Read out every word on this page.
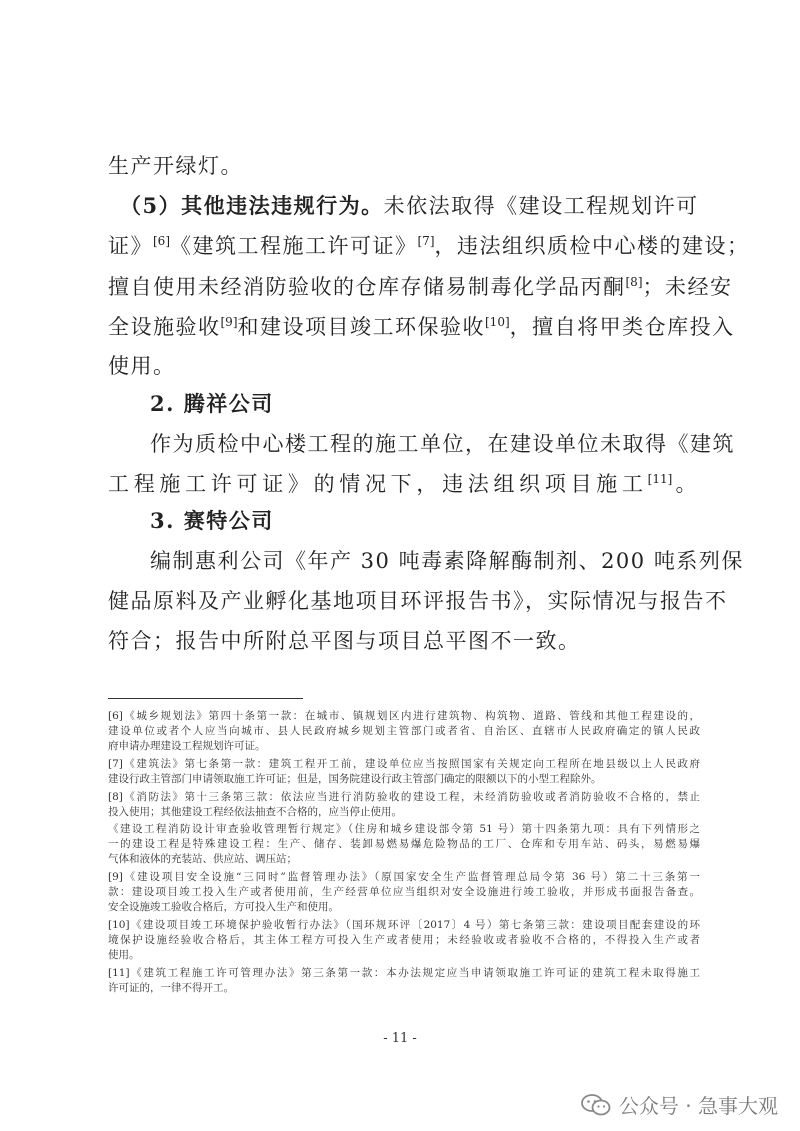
生产开绿灯。
　（5）其他违法违规行为。未依法取得《建设工程规划许可
证》[6]《建筑工程施工许可证》[7]，违法组织质检中心楼的建设；
擅自使用未经消防验收的仓库存储易制毒化学品丙酮[8]；未经安
全设施验收[9]和建设项目竣工环保验收[10]，擅自将甲类仓库投入
使用。
2. 腾祥公司
作为质检中心楼工程的施工单位，在建设单位未取得《建筑
工程施工许可证》的情况下，违法组织项目施工[11]。
3. 赛特公司
编制惠利公司《年产 30 吨毒素降解酶制剂、200 吨系列保
健品原料及产业孵化基地项目环评报告书》，实际情况与报告不
符合；报告中所附总平图与项目总平图不一致。
[6]《城乡规划法》第四十条第一款：在城市、镇规划区内进行建筑物、构筑物、道路、管线和其他工程建设的，
建设单位或者个人应当向城市、县人民政府城乡规划主管部门或者省、自治区、直辖市人民政府确定的镇人民政
府申请办理建设工程规划许可证。
[7]《建筑法》第七条第一款：建筑工程开工前，建设单位应当按照国家有关规定向工程所在地县级以上人民政府
建设行政主管部门申请领取施工许可证；但是，国务院建设行政主管部门确定的限额以下的小型工程除外。
[8]《消防法》第十三条第三款：依法应当进行消防验收的建设工程，未经消防验收或者消防验收不合格的，禁止
投入使用；其他建设工程经依法抽查不合格的，应当停止使用。
《建设工程消防设计审查验收管理暂行规定》（住房和城乡建设部令第 51 号）第十四条第九项：具有下列情形之
一的建设工程是特殊建设工程：生产、储存、装卸易燃易爆危险物品的工厂、仓库和专用车站、码头，易燃易爆
气体和液体的充装站、供应站、调压站；
[9]《建设项目安全设施“三同时”监督管理办法》（原国家安全生产监督管理总局令第 36 号）第二十三条第一
款：建设项目竣工投入生产或者使用前，生产经营单位应当组织对安全设施进行竣工验收，并形成书面报告备查。
安全设施竣工验收合格后，方可投入生产和使用。
[10]《建设项目竣工环境保护验收暂行办法》（国环规环评〔2017〕4 号）第七条第三款：建设项目配套建设的环
境保护设施经验收合格后，其主体工程方可投入生产或者使用；未经验收或者验收不合格的，不得投入生产或者
使用。
[11]《建筑工程施工许可管理办法》第三条第一款：本办法规定应当申请领取施工许可证的建筑工程未取得施工
许可证的，一律不得开工。
- 11 -
公众号 · 急事大观
